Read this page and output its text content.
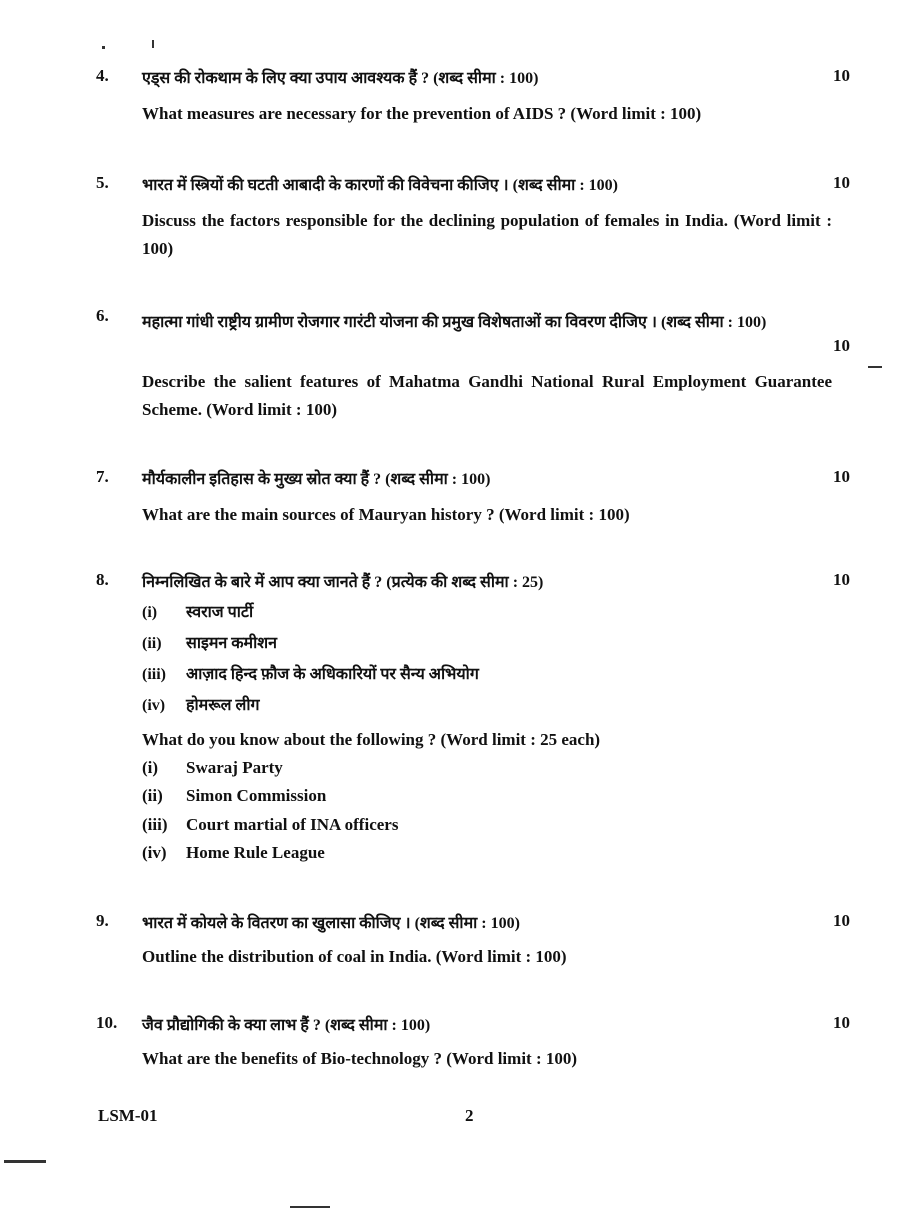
4. एड्स की रोकथाम के लिए क्या उपाय आवश्यक हैं ? (शब्द सीमा : 100)	10
What measures are necessary for the prevention of AIDS ? (Word limit : 100)
5. भारत में स्त्रियों की घटती आबादी के कारणों की विवेचना कीजिए । (शब्द सीमा : 100)	10
Discuss the factors responsible for the declining population of females in India. (Word limit : 100)
6. महात्मा गांधी राष्ट्रीय ग्रामीण रोजगार गारंटी योजना की प्रमुख विशेषताओं का विवरण दीजिए । (शब्द सीमा : 100)
10
Describe the salient features of Mahatma Gandhi National Rural Employment Guarantee Scheme. (Word limit : 100)
7. मौर्यकालीन इतिहास के मुख्य स्रोत क्या हैं ? (शब्द सीमा : 100)	10
What are the main sources of Mauryan history ? (Word limit : 100)
8. निम्नलिखित के बारे में आप क्या जानते हैं ? (प्रत्येक की शब्द सीमा : 25)	10
(i) स्वराज पार्टी
(ii) साइमन कमीशन
(iii) आज़ाद हिन्द फ़ौज के अधिकारियों पर सैन्य अभियोग
(iv) होमरूल लीग
What do you know about the following ? (Word limit : 25 each)
(i) Swaraj Party
(ii) Simon Commission
(iii) Court martial of INA officers
(iv) Home Rule League
9. भारत में कोयले के वितरण का खुलासा कीजिए । (शब्द सीमा : 100)	10
Outline the distribution of coal in India. (Word limit : 100)
10. जैव प्रौद्योगिकी के क्या लाभ हैं ? (शब्द सीमा : 100)	10
What are the benefits of Bio-technology ? (Word limit : 100)
LSM-01	2
